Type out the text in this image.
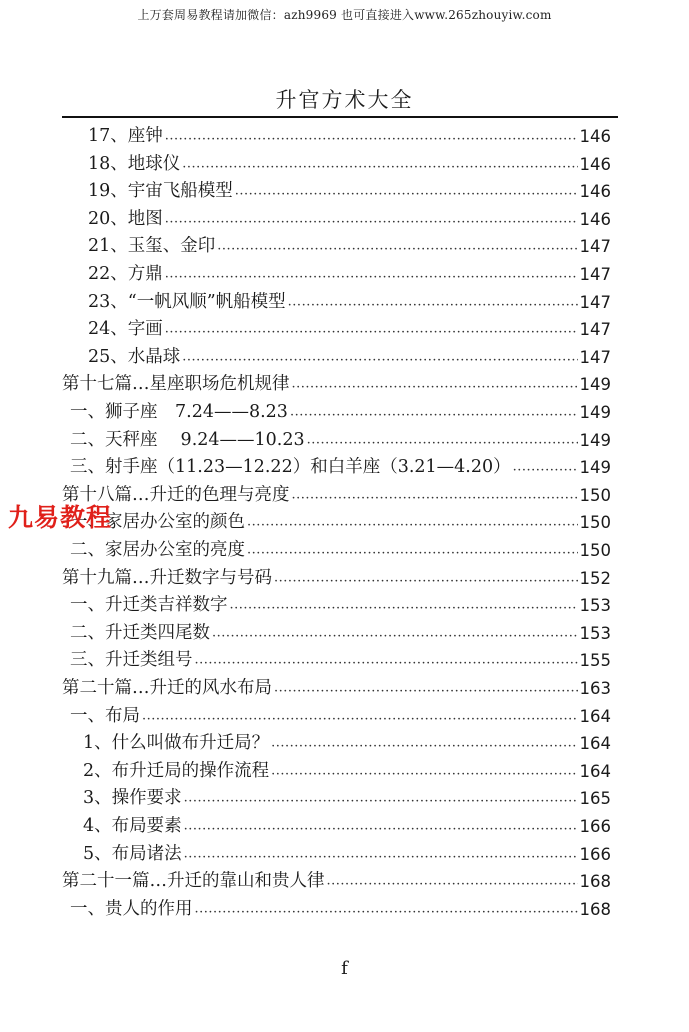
上万套周易教程请加微信：azh9969 也可直接进入www.265zhouyiw.com
升官方术大全
17、座钟 ·····	146
18、地球仪 ·····	146
19、宇宙飞船模型 ·····	146
20、地图 ·····	146
21、玉玺、金印 ·····	147
22、方鼎 ·····	147
23、“一帆风顺”帆船模型 ·····	147
24、字画 ·····	147
25、水晶球 ·····	147
第十七篇…星座职场危机规律 ·····	149
一、狮子座　7.24——8.23 ·····	149
二、天秤座　 9.24——10.23 ·····	149
三、射手座（11.23—12.22）和白羊座（3.21—4.20） ·····	149
第十八篇…升迁的色理与亮度 ·····	150
一、家居办公室的颜色 ·····	150
二、家居办公室的亮度 ·····	150
第十九篇…升迁数字与号码 ·····	152
一、升迁类吉祥数字 ·····	153
二、升迁类四尾数 ·····	153
三、升迁类组号 ·····	155
第二十篇…升迁的风水布局 ·····	163
一、布局 ·····	164
1、什么叫做布升迁局？ ·····	164
2、布升迁局的操作流程 ·····	164
3、操作要求 ·····	165
4、布局要素 ·····	166
5、布局诸法 ·····	166
第二十一篇…升迁的靠山和贵人律 ·····	168
一、贵人的作用 ·····	168
九易教程
f
